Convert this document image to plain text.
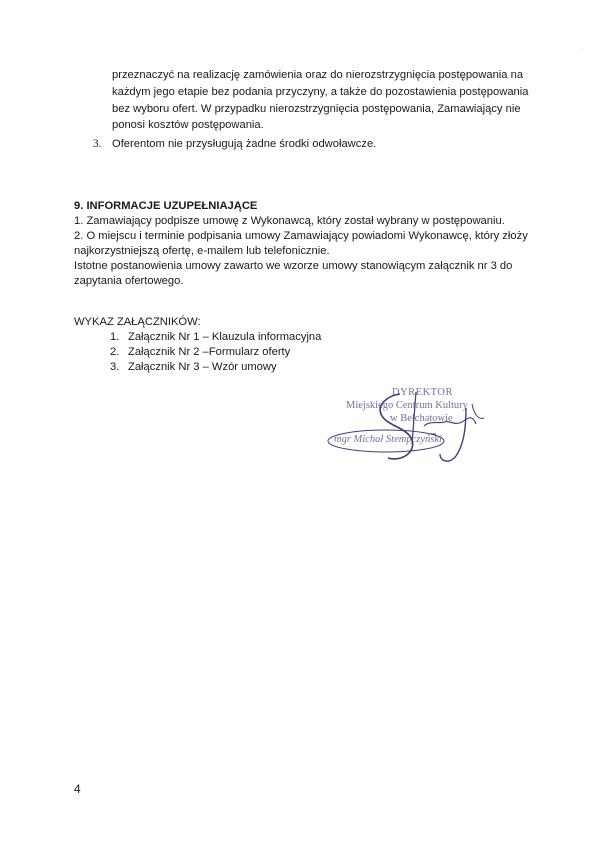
·
przeznaczyć na realizację zamówienia oraz do nierozstrzygnięcia postępowania na
każdym jego etapie bez podania przyczyny, a także do pozostawienia postępowania
bez wyboru ofert. W przypadku nierozstrzygnięcia postępowania, Zamawiający nie
ponosi kosztów postępowania.
3. Oferentom nie przysługują żadne środki odwoławcze.
9. INFORMACJE UZUPEŁNIAJĄCE
1. Zamawiający podpisze umowę z Wykonawcą, który został wybrany w postępowaniu.
2. O miejscu i terminie podpisania umowy Zamawiający powiadomi Wykonawcę, który złoży
najkorzystniejszą ofertę, e-mailem lub telefonicznie.
Istotne postanowienia umowy zawarto we wzorze umowy stanowiącym załącznik nr 3 do
zapytania ofertowego.
WYKAZ ZAŁĄCZNIKÓW:
1. Załącznik Nr 1 – Klauzula informacyjna
2. Załącznik Nr 2 –Formularz oferty
3. Załącznik Nr 3 – Wzór umowy
DYREKTOR
Miejskiego Centrum Kultury
w Bełchatowie
mgr Michał Stempczyński
4
